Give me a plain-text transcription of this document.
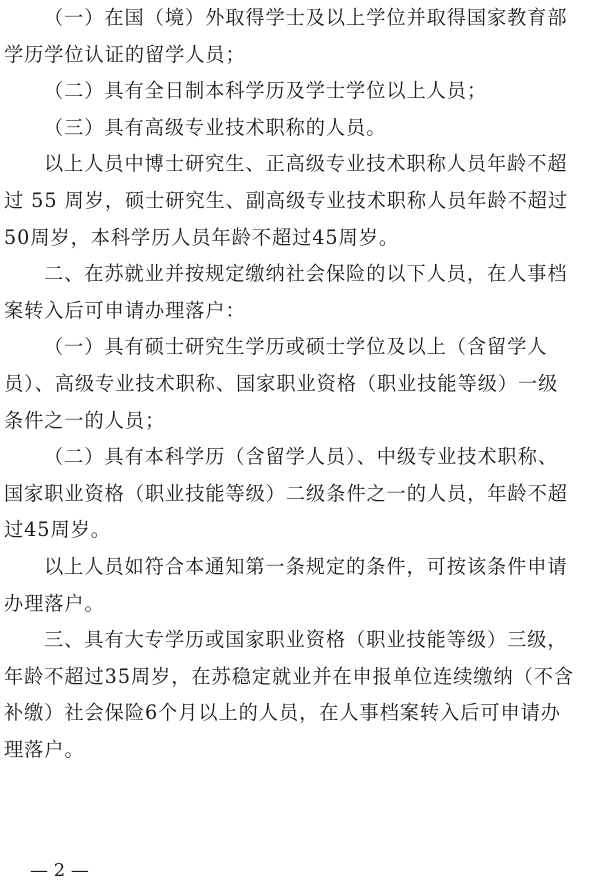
（一）在国（境）外取得学士及以上学位并取得国家教育部
学历学位认证的留学人员；
（二）具有全日制本科学历及学士学位以上人员；
（三）具有高级专业技术职称的人员。
以上人员中博士研究生、正高级专业技术职称人员年龄不超
过 55 周岁，硕士研究生、副高级专业技术职称人员年龄不超过
50周岁，本科学历人员年龄不超过45周岁。
二、在苏就业并按规定缴纳社会保险的以下人员，在人事档
案转入后可申请办理落户：
（一）具有硕士研究生学历或硕士学位及以上（含留学人
员）、高级专业技术职称、国家职业资格（职业技能等级）一级
条件之一的人员；
（二）具有本科学历（含留学人员）、中级专业技术职称、
国家职业资格（职业技能等级）二级条件之一的人员，年龄不超
过45周岁。
以上人员如符合本通知第一条规定的条件，可按该条件申请
办理落户。
三、具有大专学历或国家职业资格（职业技能等级）三级，
年龄不超过35周岁，在苏稳定就业并在申报单位连续缴纳（不含
补缴）社会保险6个月以上的人员，在人事档案转入后可申请办
理落户。
— 2 —
